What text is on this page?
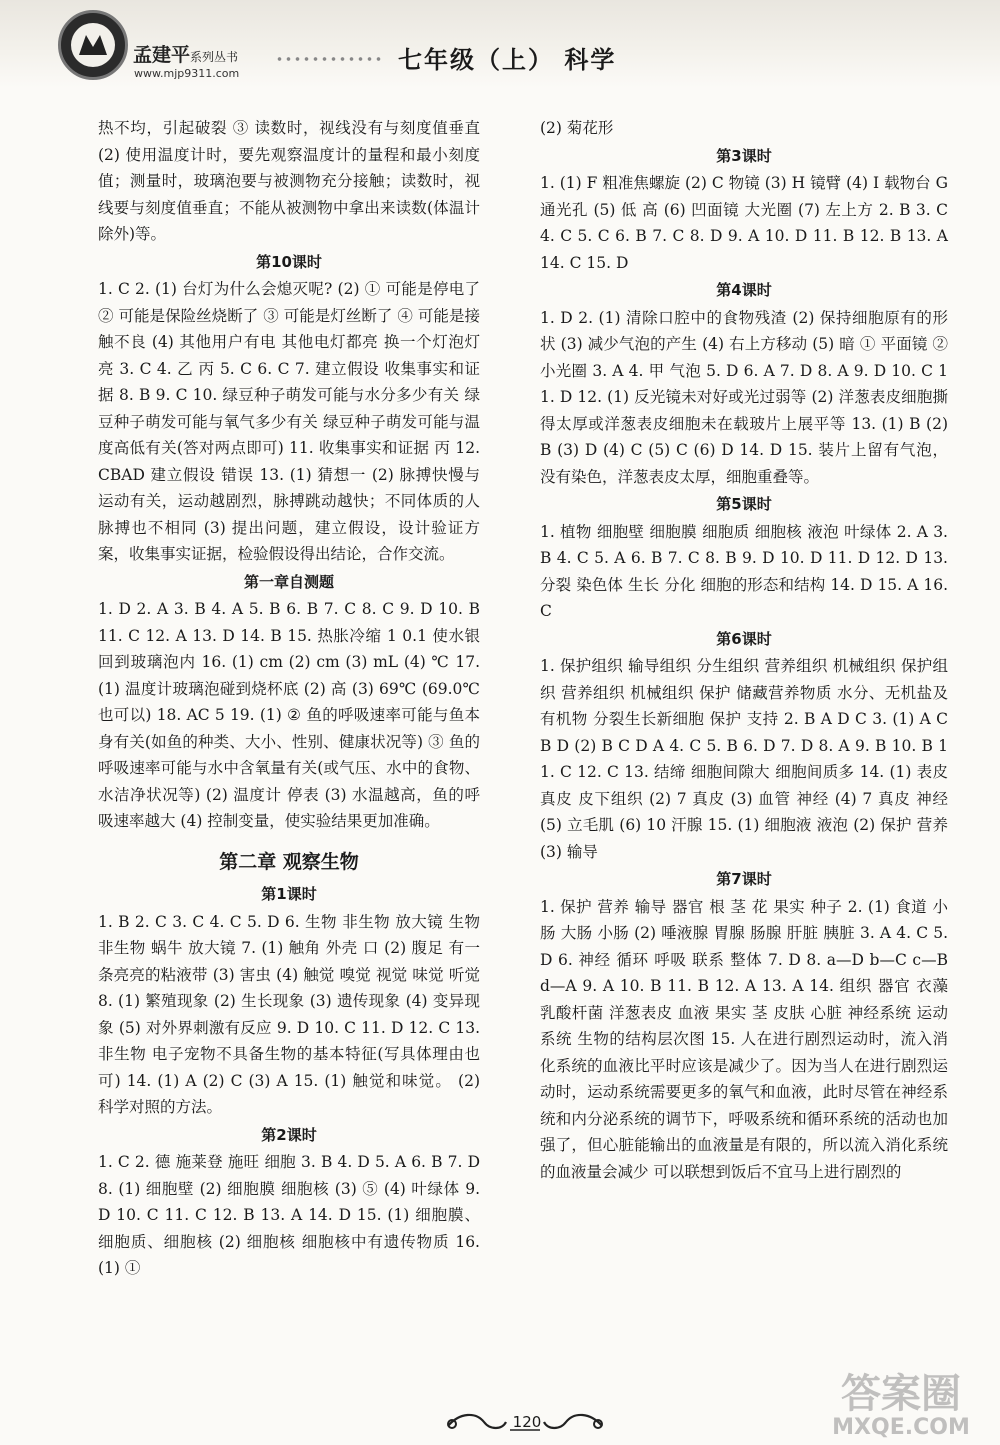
孟建平系列丛书
www.mjp9311.com	七年级（上） 科学
热不均，引起破裂 ③ 读数时，视线没有与刻度值垂直 (2) 使用温度计时，要先观察温度计的量程和最小刻度值；测量时，玻璃泡要与被测物充分接触；读数时，视线要与刻度值垂直；不能从被测物中拿出来读数(体温计除外)等。
第10课时
1. C 2. (1) 台灯为什么会熄灭呢? (2) ① 可能是停电了 ② 可能是保险丝烧断了 ③ 可能是灯丝断了 ④ 可能是接触不良 (4) 其他用户有电 其他电灯都亮 换一个灯泡灯亮 3. C 4. 乙 丙 5. C 6. C 7. 建立假设 收集事实和证据 8. B 9. C 10. 绿豆种子萌发可能与水分多少有关 绿豆种子萌发可能与氧气多少有关 绿豆种子萌发可能与温度高低有关(答对两点即可) 11. 收集事实和证据 丙 12. CBAD 建立假设 错误 13. (1) 猜想一 (2) 脉搏快慢与运动有关，运动越剧烈，脉搏跳动越快；不同体质的人脉搏也不相同 (3) 提出问题，建立假设，设计验证方案，收集事实证据，检验假设得出结论，合作交流。
第一章自测题
1. D 2. A 3. B 4. A 5. B 6. B 7. C 8. C 9. D 10. B 11. C 12. A 13. D 14. B 15. 热胀冷缩 1 0.1 使水银回到玻璃泡内 16. (1) cm (2) cm (3) mL (4) ℃ 17. (1) 温度计玻璃泡碰到烧杯底 (2) 高 (3) 69℃ (69.0℃也可以) 18. AC 5 19. (1) ② 鱼的呼吸速率可能与鱼本身有关(如鱼的种类、大小、性别、健康状况等) ③ 鱼的呼吸速率可能与水中含氧量有关(或气压、水中的食物、水洁净状况等) (2) 温度计 停表 (3) 水温越高，鱼的呼吸速率越大 (4) 控制变量，使实验结果更加准确。
第二章 观察生物
第1课时
1. B 2. C 3. C 4. C 5. D 6. 生物 非生物 放大镜 生物 非生物 蜗牛 放大镜 7. (1) 触角 外壳 口 (2) 腹足 有一条亮亮的粘液带 (3) 害虫 (4) 触觉 嗅觉 视觉 味觉 听觉 8. (1) 繁殖现象 (2) 生长现象 (3) 遗传现象 (4) 变异现象 (5) 对外界刺激有反应 9. D 10. C 11. D 12. C 13. 非生物 电子宠物不具备生物的基本特征(写具体理由也可) 14. (1) A (2) C (3) A 15. (1) 触觉和味觉。 (2) 科学对照的方法。
第2课时
1. C 2. 德 施莱登 施旺 细胞 3. B 4. D 5. A 6. B 7. D 8. (1) 细胞壁 (2) 细胞膜 细胞核 (3) ⑤ (4) 叶绿体 9. D 10. C 11. C 12. B 13. A 14. D 15. (1) 细胞膜、细胞质、细胞核 (2) 细胞核 细胞核中有遗传物质 16. (1) ①
(2) 菊花形
第3课时
1. (1) F 粗准焦螺旋 (2) C 物镜 (3) H 镜臂 (4) I 载物台 G 通光孔 (5) 低 高 (6) 凹面镜 大光圈 (7) 左上方 2. B 3. C 4. C 5. C 6. B 7. C 8. D 9. A 10. D 11. B 12. B 13. A 14. C 15. D
第4课时
1. D 2. (1) 清除口腔中的食物残渣 (2) 保持细胞原有的形状 (3) 减少气泡的产生 (4) 右上方移动 (5) 暗 ① 平面镜 ② 小光圈 3. A 4. 甲 气泡 5. D 6. A 7. D 8. A 9. D 10. C 11. D 12. (1) 反光镜未对好或光过弱等 (2) 洋葱表皮细胞撕得太厚或洋葱表皮细胞未在载玻片上展平等 13. (1) B (2) B (3) D (4) C (5) C (6) D 14. D 15. 装片上留有气泡，没有染色，洋葱表皮太厚，细胞重叠等。
第5课时
1. 植物 细胞壁 细胞膜 细胞质 细胞核 液泡 叶绿体 2. A 3. B 4. C 5. A 6. B 7. C 8. B 9. D 10. D 11. D 12. D 13. 分裂 染色体 生长 分化 细胞的形态和结构 14. D 15. A 16. C
第6课时
1. 保护组织 输导组织 分生组织 营养组织 机械组织 保护组织 营养组织 机械组织 保护 储藏营养物质 水分、无机盐及有机物 分裂生长新细胞 保护 支持 2. B A D C 3. (1) A C B D (2) B C D A 4. C 5. B 6. D 7. D 8. A 9. B 10. B 11. C 12. C 13. 结缔 细胞间隙大 细胞间质多 14. (1) 表皮 真皮 皮下组织 (2) 7 真皮 (3) 血管 神经 (4) 7 真皮 神经 (5) 立毛肌 (6) 10 汗腺 15. (1) 细胞液 液泡 (2) 保护 营养 (3) 输导
第7课时
1. 保护 营养 输导 器官 根 茎 花 果实 种子 2. (1) 食道 小肠 大肠 小肠 (2) 唾液腺 胃腺 肠腺 肝脏 胰脏 3. A 4. C 5. D 6. 神经 循环 呼吸 联系 整体 7. D 8. a—D b—C c—B d—A 9. A 10. B 11. B 12. A 13. A 14. 组织 器官 衣藻 乳酸杆菌 洋葱表皮 血液 果实 茎 皮肤 心脏 神经系统 运动系统 生物的结构层次图 15. 人在进行剧烈运动时，流入消化系统的血液比平时应该是减少了。因为当人在进行剧烈运动时，运动系统需要更多的氧气和血液，此时尽管在神经系统和内分泌系统的调节下，呼吸系统和循环系统的活动也加强了，但心脏能输出的血液量是有限的，所以流入消化系统的血液量会减少 可以联想到饭后不宜马上进行剧烈的
120
答案圈
MXQE.COM
